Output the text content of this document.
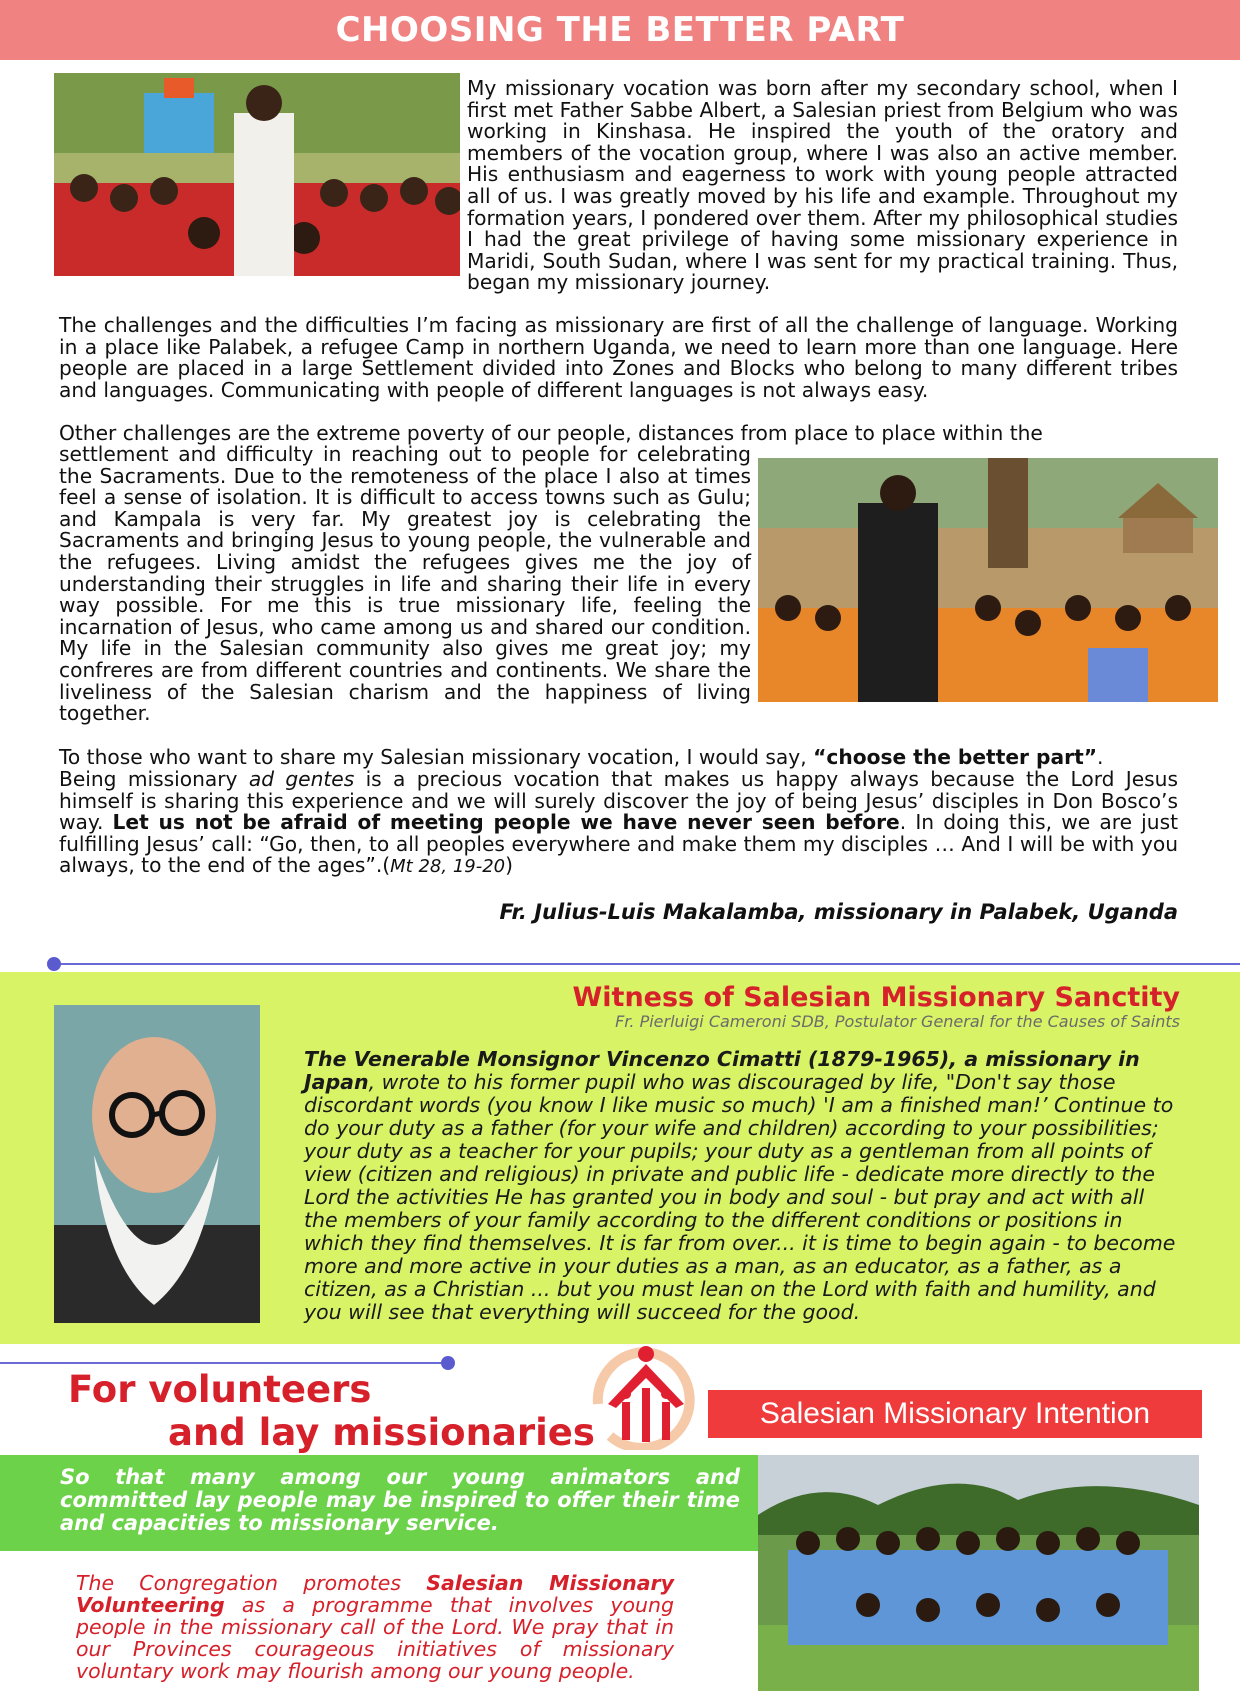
CHOOSING THE BETTER PART

My missionary vocation was born after my secondary school, when I first met Father Sabbe Albert, a Salesian priest from Belgium who was working in Kinshasa. He inspired the youth of the oratory and members of the vocation group, where I was also an active member. His enthusiasm and eagerness to work with young people attracted all of us. I was greatly moved by his life and example. Throughout my formation years, I pondered over them. After my philosophical studies I had the great privilege of having some missionary experience in Maridi, South Sudan, where I was sent for my practical training. Thus, began my missionary journey.

The challenges and the difficulties I’m facing as missionary are first of all the challenge of language. Working in a place like Palabek, a refugee Camp in northern Uganda, we need to learn more than one language. Here people are placed in a large Settlement divided into Zones and Blocks who belong to many different tribes and languages. Communicating with people of different languages is not always easy.

Other challenges are the extreme poverty of our people, distances from place to place within the

settlement and difficulty in reaching out to people for celebrating the Sacraments. Due to the remoteness of the place I also at times feel a sense of isolation. It is difficult to access towns such as Gulu; and Kampala is very far. My greatest joy is celebrating the Sacraments and bringing Jesus to young people, the vulnerable and the refugees. Living amidst the refugees gives me the joy of understanding their struggles in life and sharing their life in every way possible. For me this is true missionary life, feeling the incarnation of Jesus, who came among us and shared our condition. My life in the Salesian community also gives me great joy; my confreres are from different countries and continents. We share the liveliness of the Salesian charism and the happiness of living together.

To those who want to share my Salesian missionary vocation, I would say, “choose the better part”.

Being missionary ad gentes is a precious vocation that makes us happy always because the Lord Jesus himself is sharing this experience and we will surely discover the joy of being Jesus’ disciples in Don Bosco’s way. Let us not be afraid of meeting people we have never seen before. In doing this, we are just fulfilling Jesus’ call: “Go, then, to all peoples everywhere and make them my disciples … And I will be with you always, to the end of the ages”.(Mt 28, 19-20)

Fr. Julius-Luis Makalamba, missionary in Palabek, Uganda
Witness of Salesian Missionary Sanctity
Fr. Pierluigi Cameroni SDB, Postulator General for the Causes of Saints

The Venerable Monsignor Vincenzo Cimatti (1879-1965), a missionary in Japan, wrote to his former pupil who was discouraged by life, "Don't say those discordant words (you know I like music so much) 'I am a finished man!’ Continue to do your duty as a father (for your wife and children) according to your possibilities; your duty as a teacher for your pupils; your duty as a gentleman from all points of view (citizen and religious) in private and public life - dedicate more directly to the Lord the activities He has granted you in body and soul - but pray and act with all the members of your family according to the different conditions or positions in which they find themselves. It is far from over... it is time to begin again - to become more and more active in your duties as a man, as an educator, as a father, as a citizen, as a Christian ... but you must lean on the Lord with faith and humility, and you will see that everything will succeed for the good.

For volunteers
and lay missionaries	Salesian Missionary Intention

So that many among our young animators and committed lay people may be inspired to offer their time and capacities to missionary service.

The Congregation promotes Salesian Missionary Volunteering as a programme that involves young people in the missionary call of the Lord. We pray that in our Provinces courageous initiatives of missionary voluntary work may flourish among our young people.
